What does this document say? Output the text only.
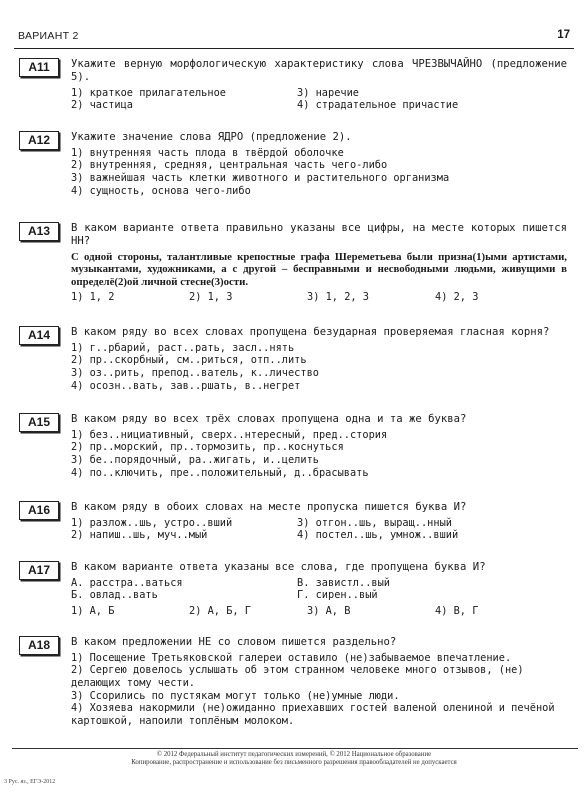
ВАРИАНТ 2	17
A11	Укажите верную морфологическую характеристику слова ЧРЕЗВЫЧАЙНО (предложение 5).
1) краткое прилагательное	3) наречие
2) частица	4) страдательное причастие
A12	Укажите значение слова ЯДРО (предложение 2).
1) внутренняя часть плода в твёрдой оболочке
2) внутренняя, средняя, центральная часть чего-либо
3) важнейшая часть клетки животного и растительного организма
4) сущность, основа чего-либо
A13	В каком варианте ответа правильно указаны все цифры, на месте которых пишется НН?
С одной стороны, талантливые крепостные графа Шереметьева были призна(1)ыми артистами, музыкантами, художниками, а с другой – бесправными и несвободными людьми, живущими в определё(2)ой личной стесне(3)ости.
1) 1, 2	2) 1, 3	3) 1, 2, 3	4) 2, 3
A14	В каком ряду во всех словах пропущена безударная проверяемая гласная корня?
1) г..рбарий, раст..рать, засл..нять
2) пр..скорбный, см..риться, отп..лить
3) оз..рить, препод..ватель, к..личество
4) осозн..вать, зав..ршать, в..негрет
A15	В каком ряду во всех трёх словах пропущена одна и та же буква?
1) без..нициативный, сверх..нтересный, пред..стория
2) пр..морский, пр..тормозить, пр..коснуться
3) бе..порядочный, ра..жигать, и..целить
4) по..ключить, пре..положительный, д..брасывать
A16	В каком ряду в обоих словах на месте пропуска пишется буква И?
1) разлож..шь, устро..вший	3) отгон..шь, выращ..нный
2) напиш..шь, муч..мый	4) постел..шь, умнож..вший
A17	В каком варианте ответа указаны все слова, где пропущена буква И?
А. расстра..ваться	В. завистл..вый
Б. овлад..вать	Г. сирен..вый
1) А, Б	2) А, Б, Г	3) А, В	4) В, Г
A18	В каком предложении НЕ со словом пишется раздельно?
1) Посещение Третьяковской галереи оставило (не)забываемое впечатление.
2) Сергею довелось услышать об этом странном человеке много отзывов, (не) делающих тому чести.
3) Ссорились по пустякам могут только (не)умные люди.
4) Хозяева накормили (не)ожиданно приехавших гостей валеной олениной и печёной картошкой, напоили топлёным молоком.
© 2012 Федеральный институт педагогических измерений, © 2012 Национальное образование
Копирование, распространение и использование без письменного разрешения правообладателей не допускается
3 Рус. яз., ЕГЭ-2012
